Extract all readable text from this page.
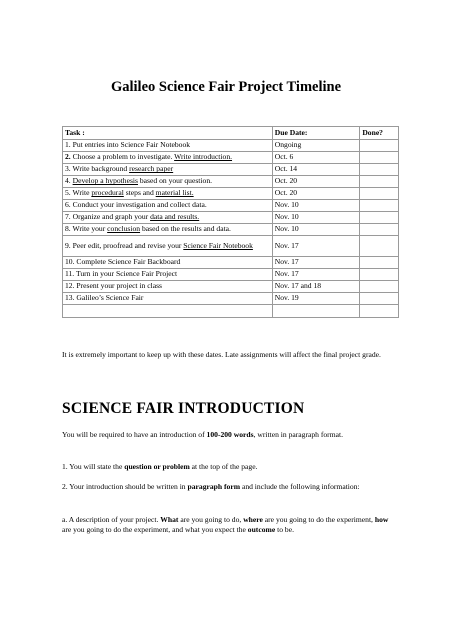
Galileo Science Fair Project Timeline
Task :	Due Date:	Done?
1. Put entries into Science Fair Notebook	Ongoing	
2. Choose a problem to investigate. Write introduction.	Oct. 6	
3. Write background research paper	Oct. 14	
4. Develop a hypothesis based on your question.	Oct. 20	
5. Write procedural steps and material list.	Oct. 20	
6. Conduct your investigation and collect data.	Nov. 10	
7. Organize and graph your data and results.	Nov. 10	
8. Write your conclusion based on the results and data.	Nov. 10	
9. Peer edit, proofread and revise your Science Fair Notebook	Nov. 17	
10. Complete Science Fair Backboard	Nov. 17	
11. Turn in your Science Fair Project	Nov. 17	
12. Present your project in class	Nov. 17 and 18	
13. Galileo’s Science Fair	Nov. 19	

It is extremely important to keep up with these dates. Late assignments will affect the final project grade.

SCIENCE FAIR INTRODUCTION

You will be required to have an introduction of 100-200 words, written in paragraph format.

1. You will state the question or problem at the top of the page.

2. Your introduction should be written in paragraph form and include the following information:

a. A description of your project. What are you going to do, where are you going to do the experiment, how are you going to do the experiment, and what you expect the outcome to be.
